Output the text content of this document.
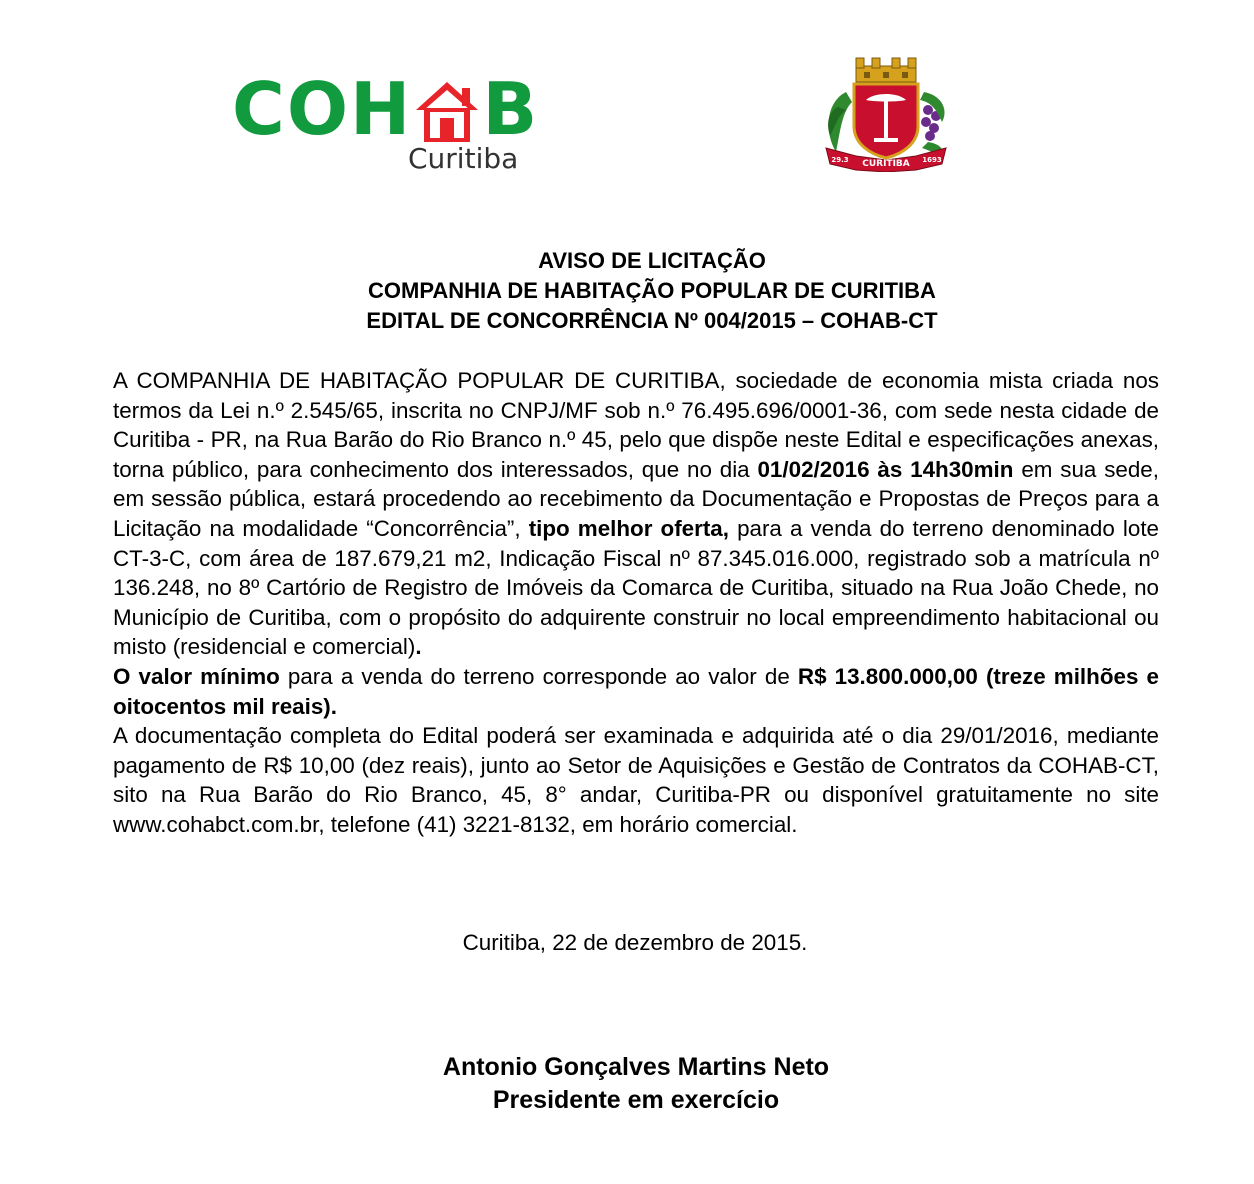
COH B
Curitiba	CURITIBA
29.3	1693
AVISO DE LICITAÇÃO
COMPANHIA DE HABITAÇÃO POPULAR DE CURITIBA
EDITAL DE CONCORRÊNCIA Nº 004/2015 – COHAB-CT

A COMPANHIA DE HABITAÇÃO POPULAR DE CURITIBA, sociedade de economia mista criada nos termos da Lei n.º 2.545/65, inscrita no CNPJ/MF sob n.º 76.495.696/0001-36, com sede nesta cidade de Curitiba - PR, na Rua Barão do Rio Branco n.º 45, pelo que dispõe neste Edital e especificações anexas, torna público, para conhecimento dos interessados, que no dia 01/02/2016 às 14h30min em sua sede, em sessão pública, estará procedendo ao recebimento da Documentação e Propostas de Preços para a Licitação na modalidade “Concorrência”, tipo melhor oferta, para a venda do terreno denominado lote CT-3-C, com área de 187.679,21 m2, Indicação Fiscal nº 87.345.016.000, registrado sob a matrícula nº 136.248, no 8º Cartório de Registro de Imóveis da Comarca de Curitiba, situado na Rua João Chede, no Município de Curitiba, com o propósito do adquirente construir no local empreendimento habitacional ou misto (residencial e comercial).

O valor mínimo para a venda do terreno corresponde ao valor de R$ 13.800.000,00 (treze milhões e oitocentos mil reais).

A documentação completa do Edital poderá ser examinada e adquirida até o dia 29/01/2016, mediante pagamento de R$ 10,00 (dez reais), junto ao Setor de Aquisições e Gestão de Contratos da COHAB-CT, sito na Rua Barão do Rio Branco, 45, 8° andar, Curitiba-PR ou disponível gratuitamente no site www.cohabct.com.br, telefone (41) 3221-8132, em horário comercial.

Curitiba, 22 de dezembro de 2015.
Antonio Gonçalves Martins Neto
Presidente em exercício
